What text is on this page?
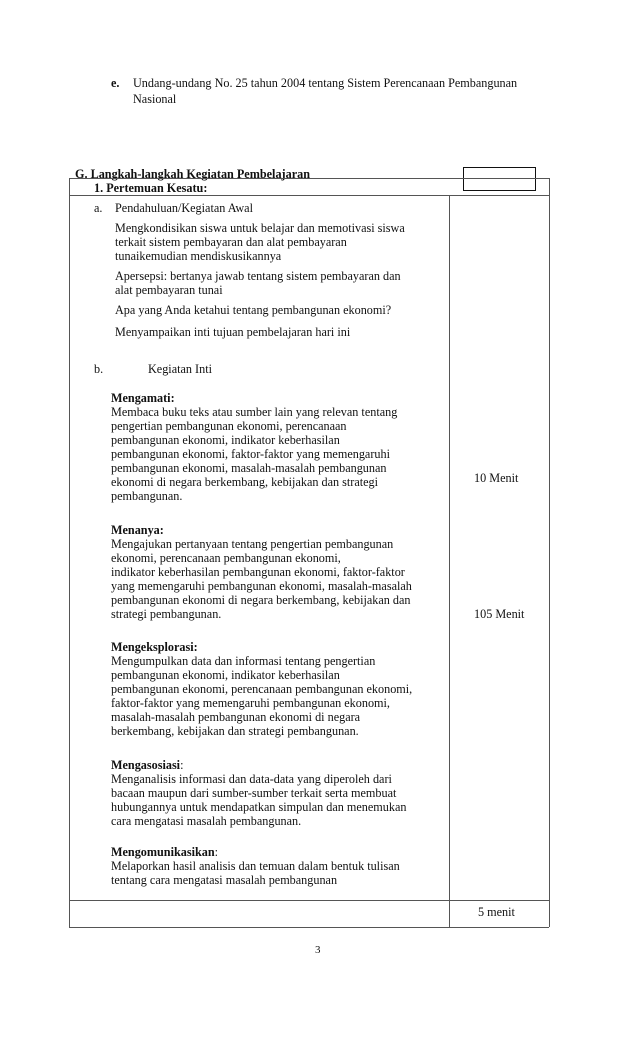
e. Undang-undang No. 25 tahun 2004 tentang Sistem Perencanaan Pembangunan
Nasional
G. Langkah-langkah Kegiatan Pembelajaran
1. Pertemuan Kesatu:
a. Pendahuluan/Kegiatan Awal
Mengkondisikan siswa untuk belajar dan memotivasi siswa
terkait sistem pembayaran dan alat pembayaran
tunaikemudian mendiskusikannya
Apersepsi: bertanya jawab tentang sistem pembayaran dan
alat pembayaran tunai
Apa yang Anda ketahui tentang pembangunan ekonomi?
Menyampaikan inti tujuan pembelajaran hari ini
b.	Kegiatan Inti
Mengamati:
Membaca buku teks atau sumber lain yang relevan tentang
pengertian pembangunan ekonomi, perencanaan
pembangunan ekonomi, indikator keberhasilan
pembangunan ekonomi, faktor-faktor yang memengaruhi
pembangunan ekonomi, masalah-masalah pembangunan
ekonomi di negara berkembang, kebijakan dan strategi
pembangunan.
10 Menit
Menanya:
Mengajukan pertanyaan tentang pengertian pembangunan
ekonomi, perencanaan pembangunan ekonomi,
indikator keberhasilan pembangunan ekonomi, faktor-faktor
yang memengaruhi pembangunan ekonomi, masalah-masalah
pembangunan ekonomi di negara berkembang, kebijakan dan
strategi pembangunan.	105 Menit
Mengeksplorasi:
Mengumpulkan data dan informasi tentang pengertian
pembangunan ekonomi, indikator keberhasilan
pembangunan ekonomi, perencanaan pembangunan ekonomi,
faktor-faktor yang memengaruhi pembangunan ekonomi,
masalah-masalah pembangunan ekonomi di negara
berkembang, kebijakan dan strategi pembangunan.
Mengasosiasi:
Menganalisis informasi dan data-data yang diperoleh dari
bacaan maupun dari sumber-sumber terkait serta membuat
hubungannya untuk mendapatkan simpulan dan menemukan
cara mengatasi masalah pembangunan.
Mengomunikasikan:
Melaporkan hasil analisis dan temuan dalam bentuk tulisan
tentang cara mengatasi masalah pembangunan
5 menit
3
